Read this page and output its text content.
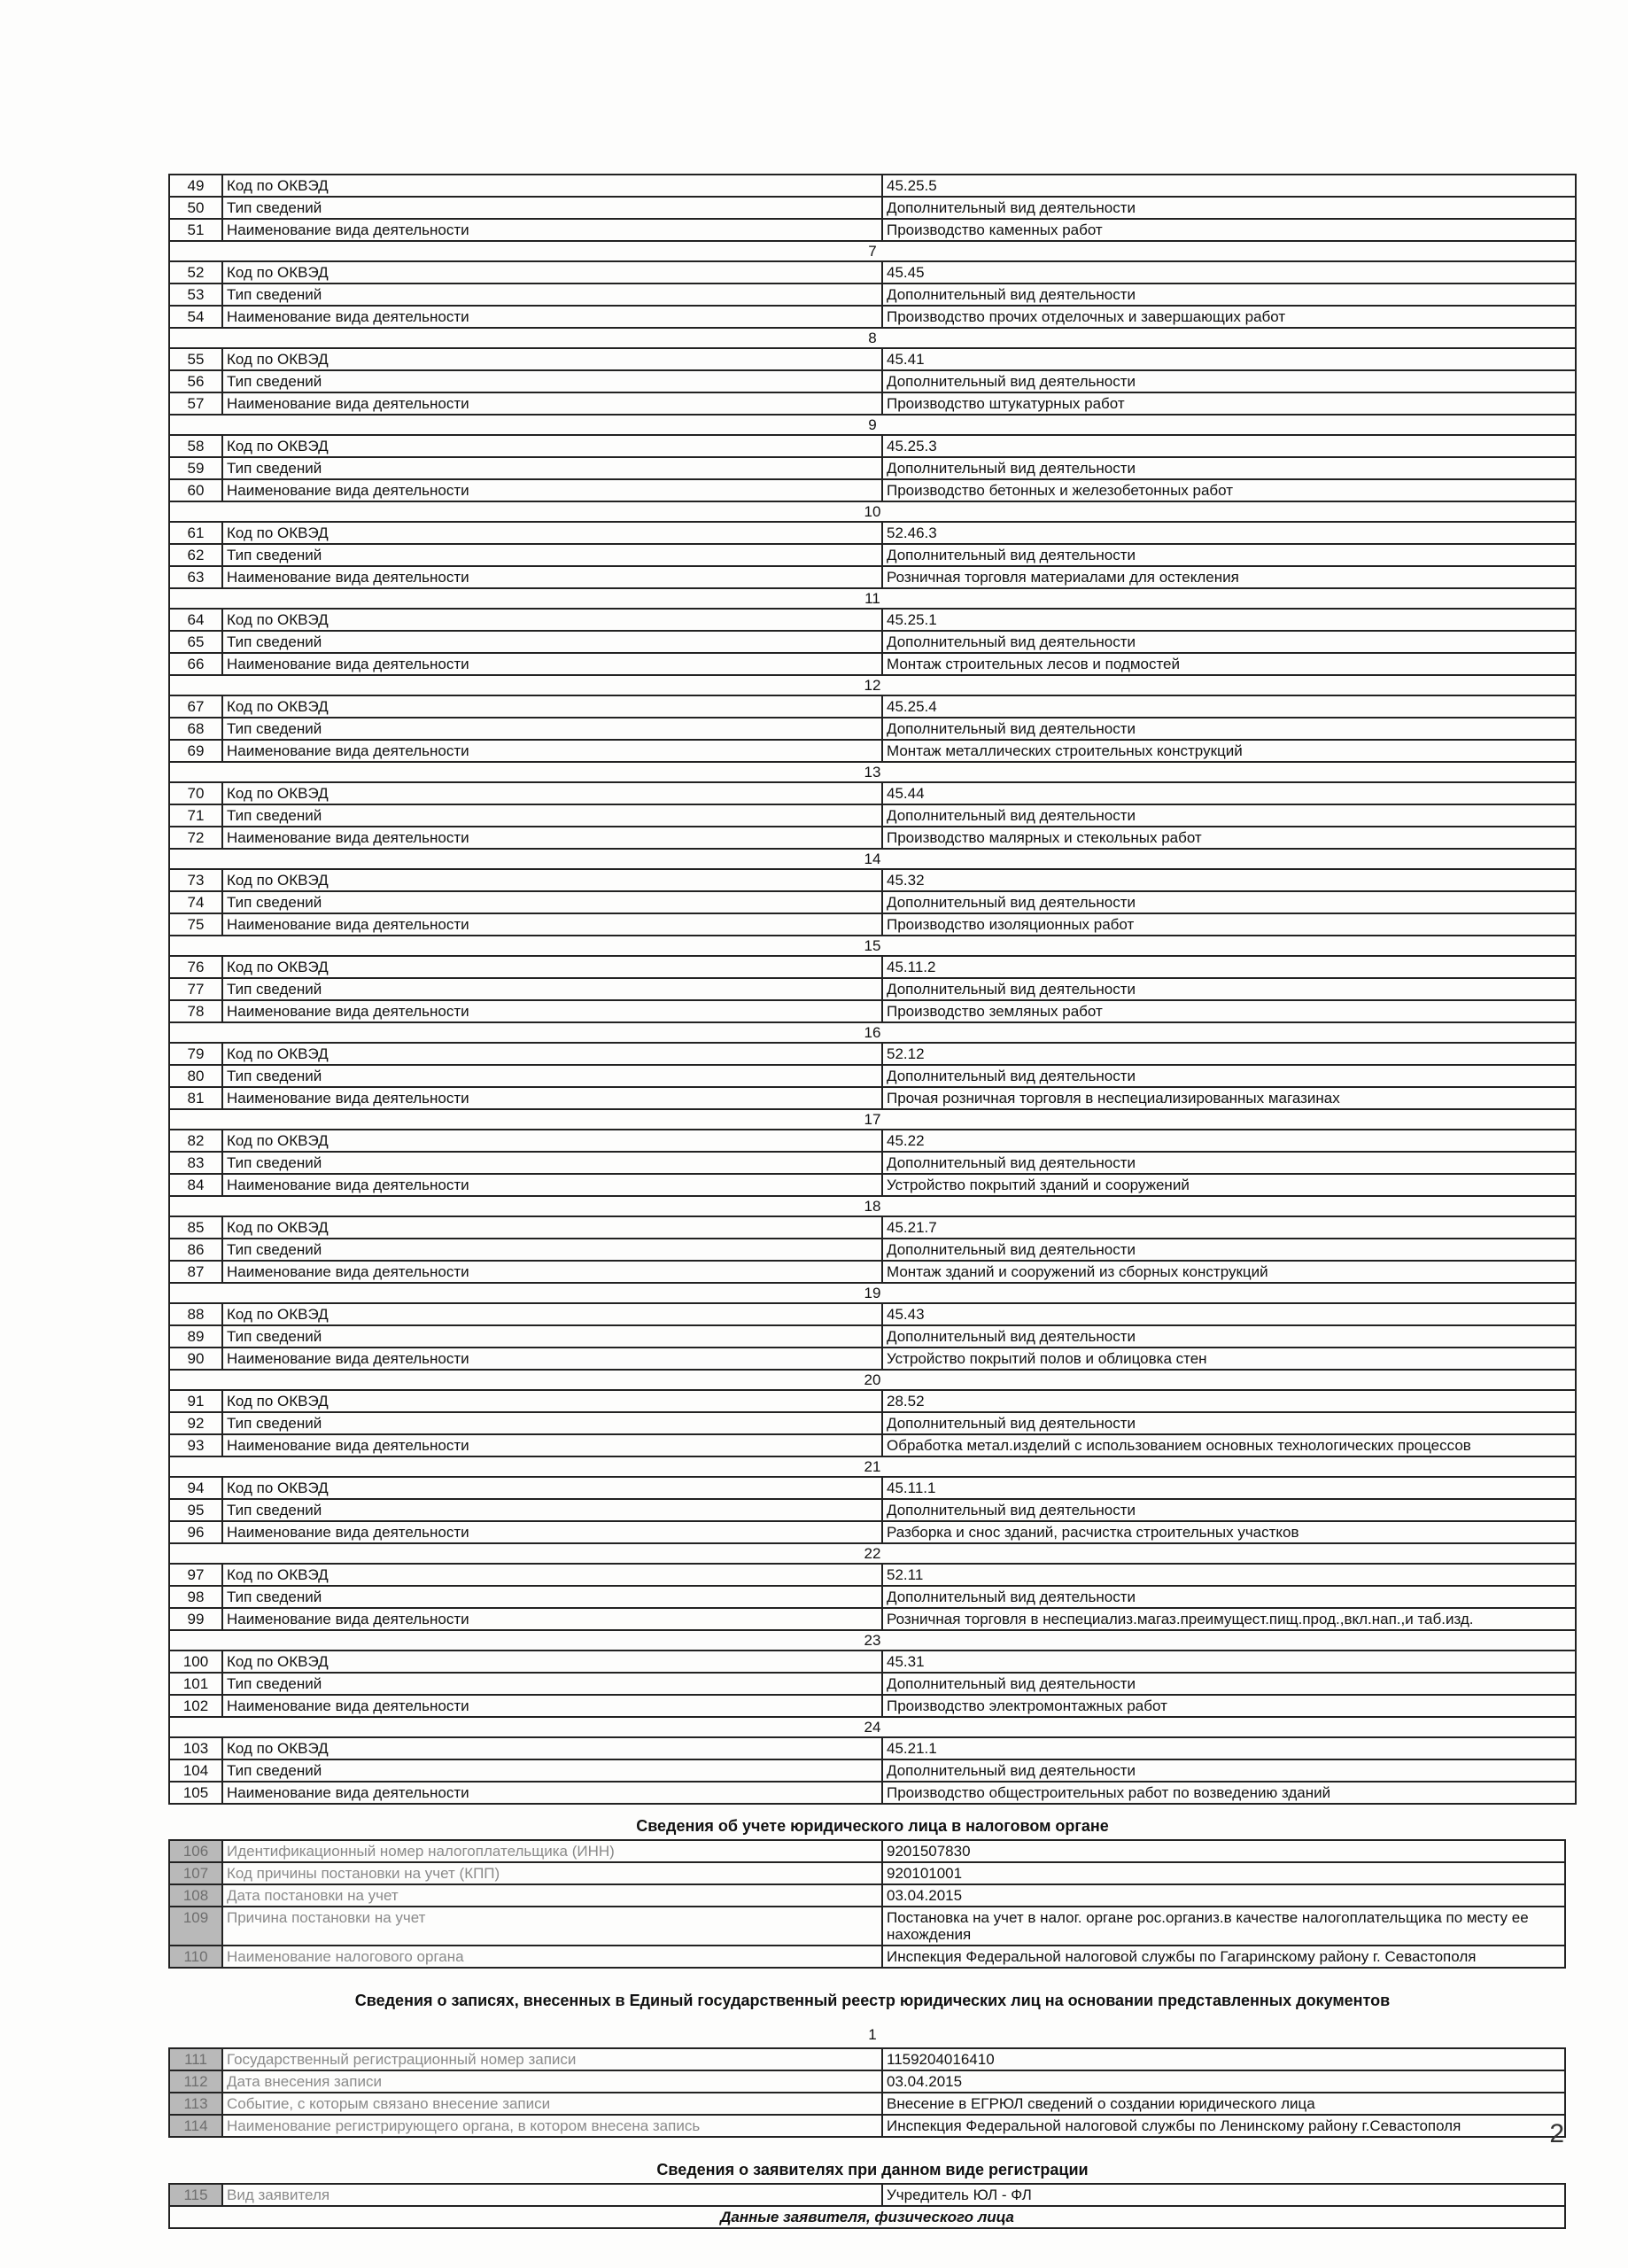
49	Код по ОКВЭД	45.25.5
50	Тип сведений	Дополнительный вид деятельности
51	Наименование вида деятельности	Производство каменных работ
7		
52	Код по ОКВЭД	45.45
53	Тип сведений	Дополнительный вид деятельности
54	Наименование вида деятельности	Производство прочих отделочных и завершающих работ
8		
55	Код по ОКВЭД	45.41
56	Тип сведений	Дополнительный вид деятельности
57	Наименование вида деятельности	Производство штукатурных работ
9		
58	Код по ОКВЭД	45.25.3
59	Тип сведений	Дополнительный вид деятельности
60	Наименование вида деятельности	Производство бетонных и железобетонных работ
10		
61	Код по ОКВЭД	52.46.3
62	Тип сведений	Дополнительный вид деятельности
63	Наименование вида деятельности	Розничная торговля материалами для остекления
11		
64	Код по ОКВЭД	45.25.1
65	Тип сведений	Дополнительный вид деятельности
66	Наименование вида деятельности	Монтаж строительных лесов и подмостей
12		
67	Код по ОКВЭД	45.25.4
68	Тип сведений	Дополнительный вид деятельности
69	Наименование вида деятельности	Монтаж металлических строительных конструкций
13		
70	Код по ОКВЭД	45.44
71	Тип сведений	Дополнительный вид деятельности
72	Наименование вида деятельности	Производство малярных и стекольных работ
14		
73	Код по ОКВЭД	45.32
74	Тип сведений	Дополнительный вид деятельности
75	Наименование вида деятельности	Производство изоляционных работ
15		
76	Код по ОКВЭД	45.11.2
77	Тип сведений	Дополнительный вид деятельности
78	Наименование вида деятельности	Производство земляных работ
16		
79	Код по ОКВЭД	52.12
80	Тип сведений	Дополнительный вид деятельности
81	Наименование вида деятельности	Прочая розничная торговля в неспециализированных магазинах
17		
82	Код по ОКВЭД	45.22
83	Тип сведений	Дополнительный вид деятельности
84	Наименование вида деятельности	Устройство покрытий зданий и сооружений
18		
85	Код по ОКВЭД	45.21.7
86	Тип сведений	Дополнительный вид деятельности
87	Наименование вида деятельности	Монтаж зданий и сооружений из сборных конструкций
19		
88	Код по ОКВЭД	45.43
89	Тип сведений	Дополнительный вид деятельности
90	Наименование вида деятельности	Устройство покрытий полов и облицовка стен
20		
91	Код по ОКВЭД	28.52
92	Тип сведений	Дополнительный вид деятельности
93	Наименование вида деятельности	Обработка метал.изделий с использованием основных технологических процессов
21		
94	Код по ОКВЭД	45.11.1
95	Тип сведений	Дополнительный вид деятельности
96	Наименование вида деятельности	Разборка и снос зданий, расчистка строительных участков
22		
97	Код по ОКВЭД	52.11
98	Тип сведений	Дополнительный вид деятельности
99	Наименование вида деятельности	Розничная торговля в неспециализ.магаз.преимущест.пищ.прод.,вкл.нап.,и таб.изд.
23		
100	Код по ОКВЭД	45.31
101	Тип сведений	Дополнительный вид деятельности
102	Наименование вида деятельности	Производство электромонтажных работ
24		
103	Код по ОКВЭД	45.21.1
104	Тип сведений	Дополнительный вид деятельности
105	Наименование вида деятельности	Производство общестроительных работ по возведению зданий
Сведения об учете юридического лица в налоговом органе
106	Идентификационный номер налогоплательщика (ИНН)	9201507830
107	Код причины постановки на учет (КПП)	920101001
108	Дата постановки на учет	03.04.2015
109	Причина постановки на учет	Постановка на учет в налог. органе рос.организ.в качестве налогоплательщика по месту ее нахождения
110	Наименование налогового органа	Инспекция Федеральной налоговой службы по Гагаринскому району г. Севастополя
Сведения о записях, внесенных в Единый государственный реестр юридических лиц на основании представленных документов
1
111	Государственный регистрационный номер записи	1159204016410
112	Дата внесения записи	03.04.2015
113	Событие, с которым связано внесение записи	Внесение в ЕГРЮЛ сведений о создании юридического лица
114	Наименование регистрирующего органа, в котором внесена запись	Инспекция Федеральной налоговой службы по Ленинскому району г.Севастополя
Сведения о заявителях при данном виде регистрации
115	Вид заявителя	Учредитель ЮЛ - ФЛ
Данные заявителя, физического лица
2
